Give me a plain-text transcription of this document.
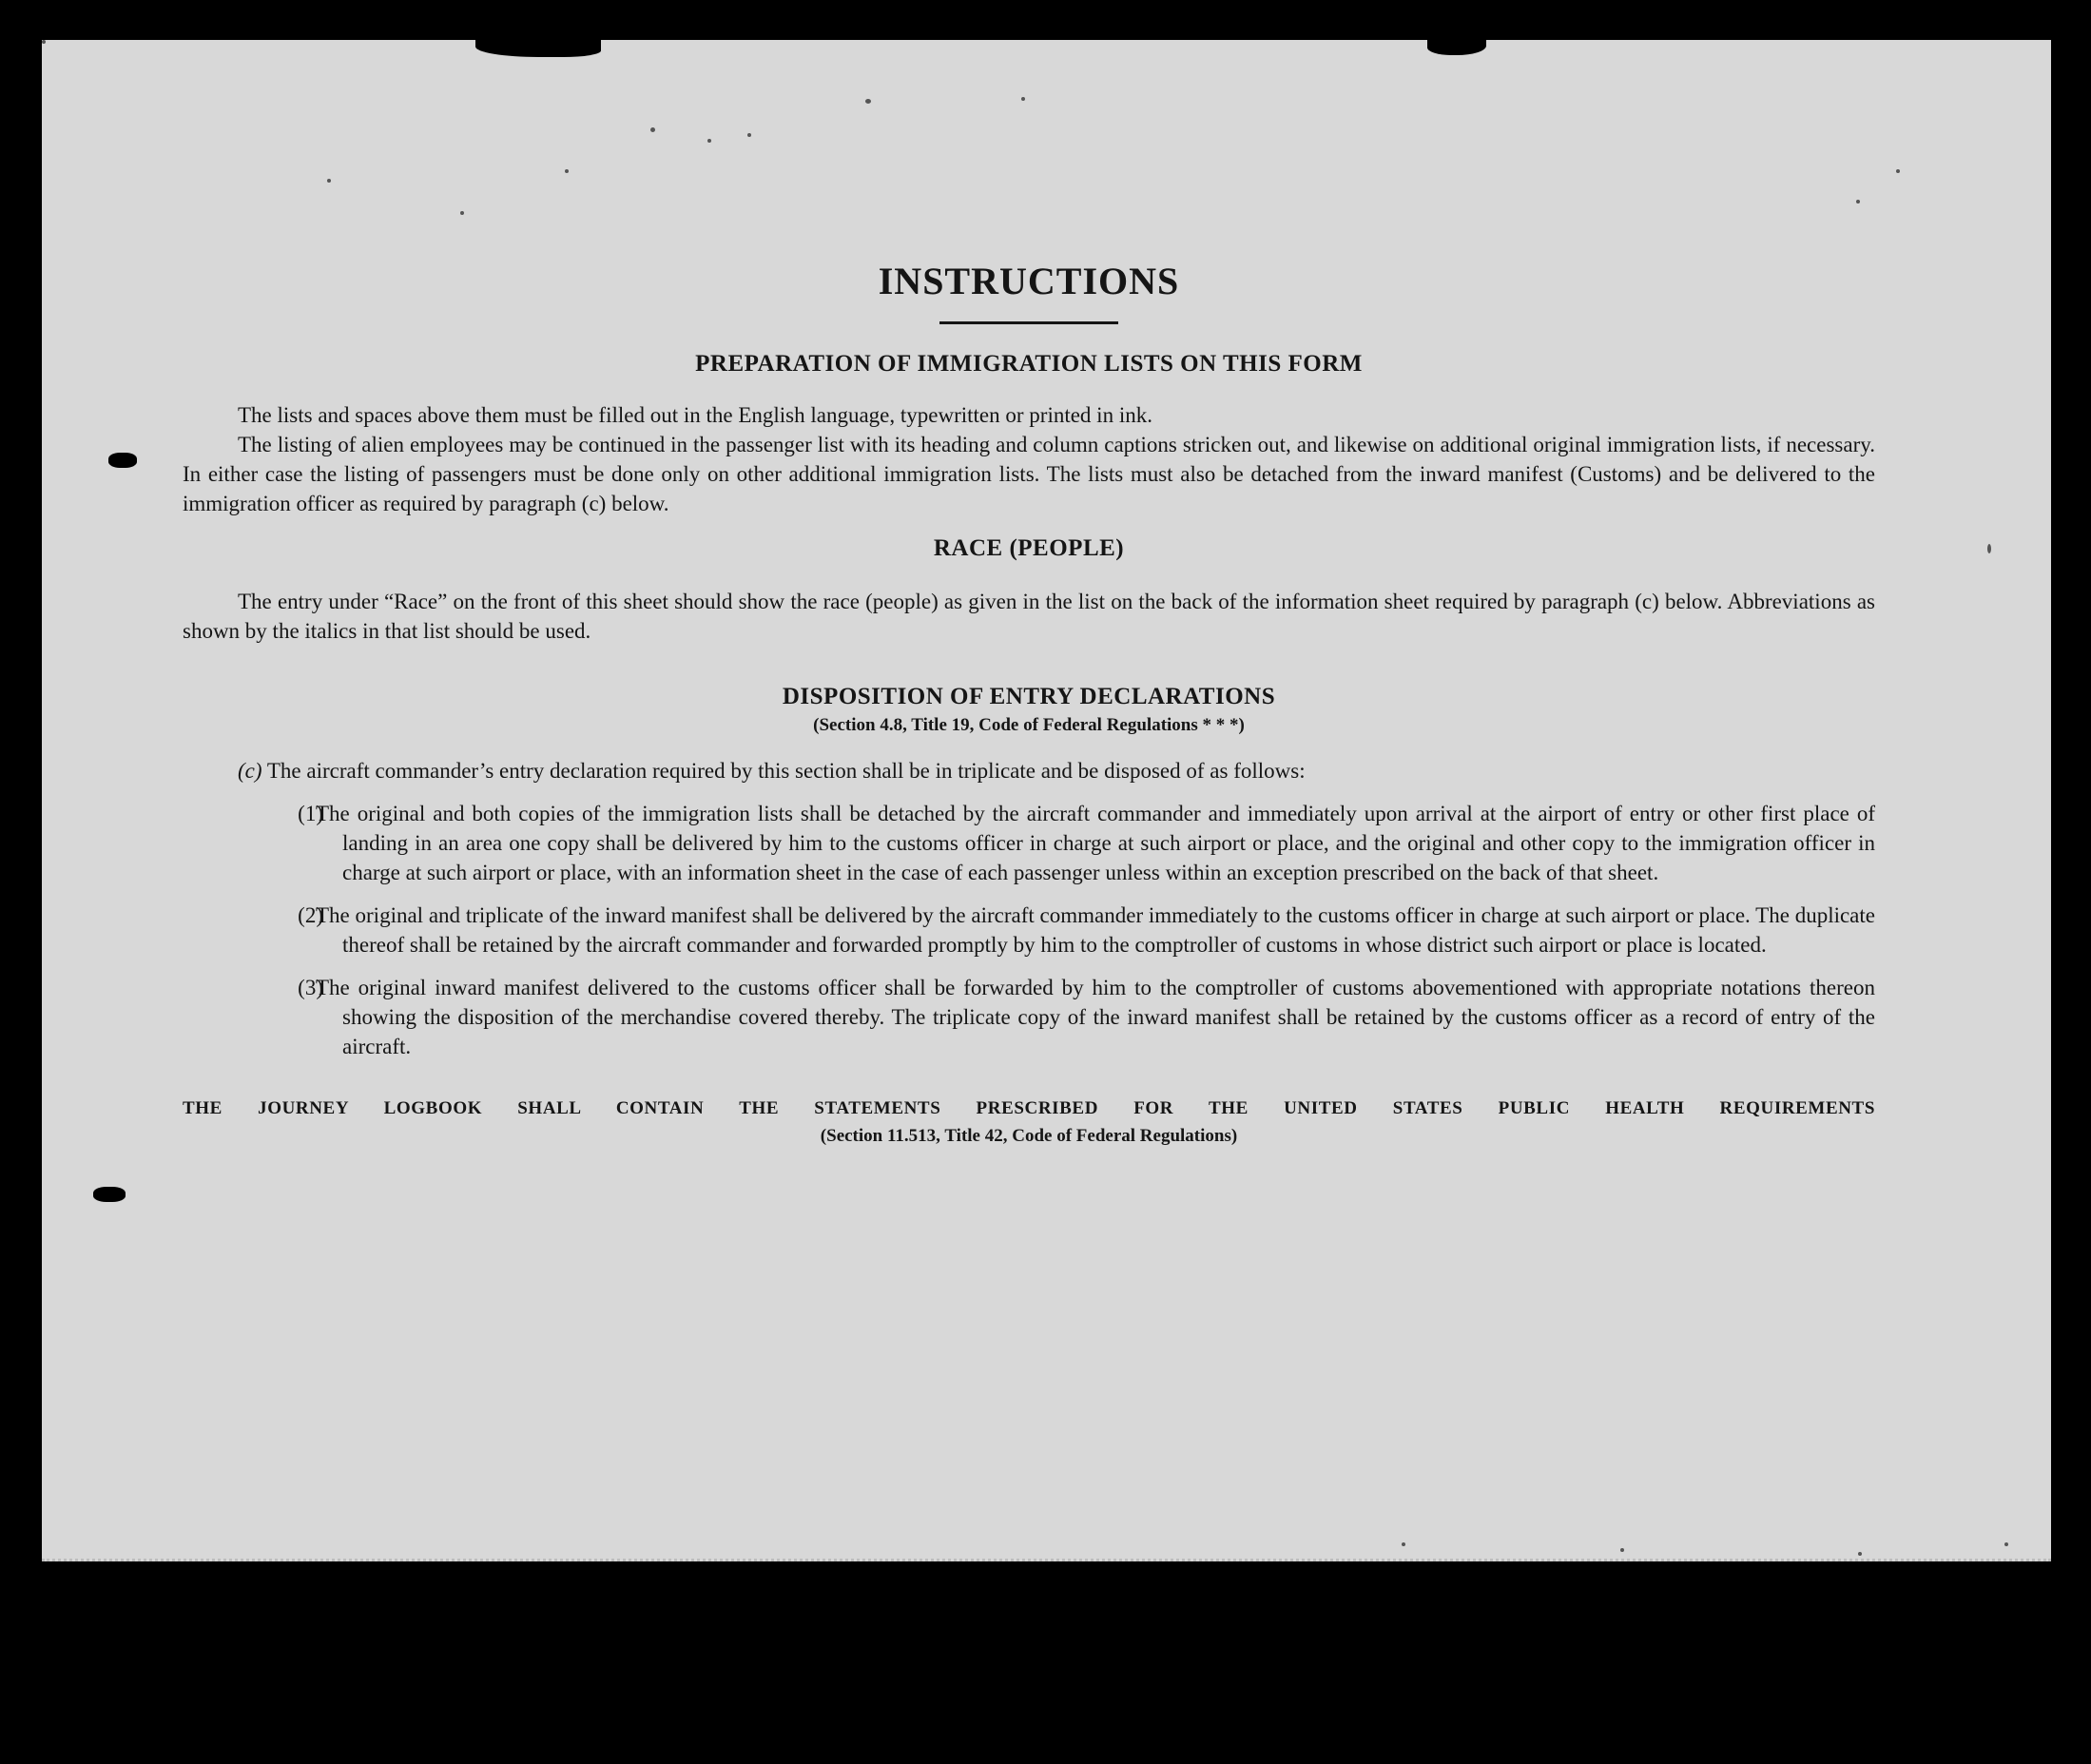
INSTRUCTIONS
PREPARATION OF IMMIGRATION LISTS ON THIS FORM

The lists and spaces above them must be filled out in the English language, typewritten or printed in ink.

The listing of alien employees may be continued in the passenger list with its heading and column captions stricken out, and likewise on additional original immigration lists, if necessary. In either case the listing of passengers must be done only on other additional immigration lists. The lists must also be detached from the inward manifest (Customs) and be delivered to the immigration officer as required by paragraph (c) below.

RACE (PEOPLE)

The entry under “Race” on the front of this sheet should show the race (people) as given in the list on the back of the information sheet required by paragraph (c) below. Abbreviations as shown by the italics in that list should be used.

DISPOSITION OF ENTRY DECLARATIONS
(Section 4.8, Title 19, Code of Federal Regulations * * *)

(c) The aircraft commander’s entry declaration required by this section shall be in triplicate and be disposed of as follows:

(1)
The original and both copies of the immigration lists shall be detached by the aircraft commander and immediately upon arrival at the airport of entry or other first place of landing in an area one copy shall be delivered by him to the customs officer in charge at such airport or place, and the original and other copy to the immigration officer in charge at such airport or place, with an information sheet in the case of each passenger unless within an exception prescribed on the back of that sheet.
(2)
The original and triplicate of the inward manifest shall be delivered by the aircraft commander immediately to the customs officer in charge at such airport or place. The duplicate thereof shall be retained by the aircraft commander and forwarded promptly by him to the comptroller of customs in whose district such airport or place is located.
(3)
The original inward manifest delivered to the customs officer shall be forwarded by him to the comptroller of customs abovementioned with appropriate notations thereon showing the disposition of the merchandise covered thereby. The triplicate copy of the inward manifest shall be retained by the customs officer as a record of entry of the aircraft.
THE JOURNEY LOGBOOK SHALL CONTAIN THE STATEMENTS PRESCRIBED FOR THE UNITED STATES PUBLIC HEALTH REQUIREMENTS
(Section 11.513, Title 42, Code of Federal Regulations)
